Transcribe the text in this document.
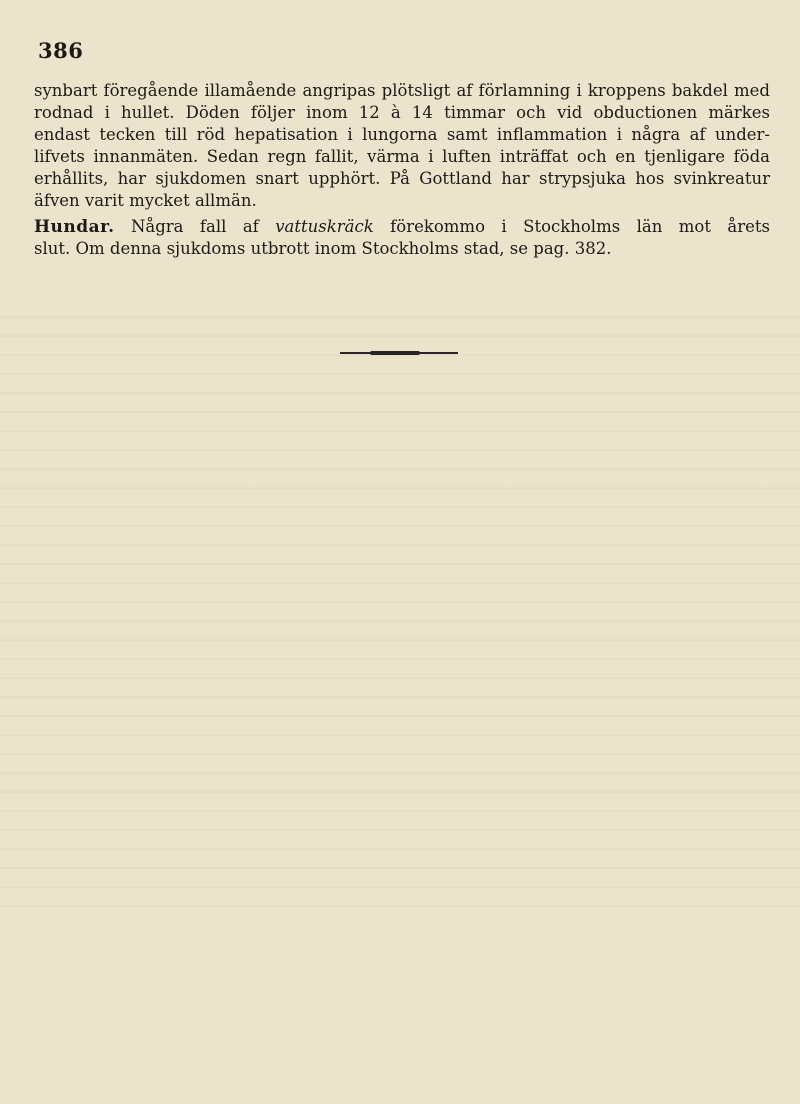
386
synbart föregående illamående angripas plötsligt af förlamning i kroppens bakdel med
rodnad i hullet. Döden följer inom 12 à 14 timmar och vid obductionen märkes
endast tecken till röd hepatisation i lungorna samt inflammation i några af under-
lifvets innanmäten. Sedan regn fallit, värma i luften inträffat och en tjenligare föda
erhållits, har sjukdomen snart upphört. På Gottland har strypsjuka hos svinkreatur
äfven varit mycket allmän.
Hundar. Några fall af vattuskräck förekommo i Stockholms län mot årets
slut. Om denna sjukdoms utbrott inom Stockholms stad, se pag. 382.
